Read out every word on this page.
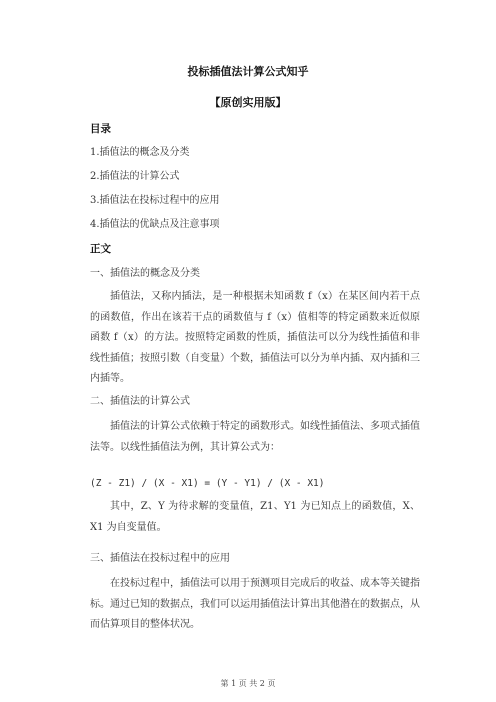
投标插值法计算公式知乎
【原创实用版】
目录
1.插值法的概念及分类
2.插值法的计算公式
3.插值法在投标过程中的应用
4.插值法的优缺点及注意事项
正文
一、插值法的概念及分类
插值法，又称内插法，是一种根据未知函数 f（x）在某区间内若干点的函数值，作出在该若干点的函数值与 f（x）值相等的特定函数来近似原函数 f（x）的方法。按照特定函数的性质，插值法可以分为线性插值和非线性插值；按照引数（自变量）个数，插值法可以分为单内插、双内插和三内插等。
二、插值法的计算公式
插值法的计算公式依赖于特定的函数形式。如线性插值法、多项式插值法等。以线性插值法为例，其计算公式为：
(Z - Z1) / (X - X1) = (Y - Y1) / (X - X1)
其中，Z、Y 为待求解的变量值，Z1、Y1 为已知点上的函数值，X、X1 为自变量值。
三、插值法在投标过程中的应用
在投标过程中，插值法可以用于预测项目完成后的收益、成本等关键指标。通过已知的数据点，我们可以运用插值法计算出其他潜在的数据点，从而估算项目的整体状况。
第 1 页 共 2 页
